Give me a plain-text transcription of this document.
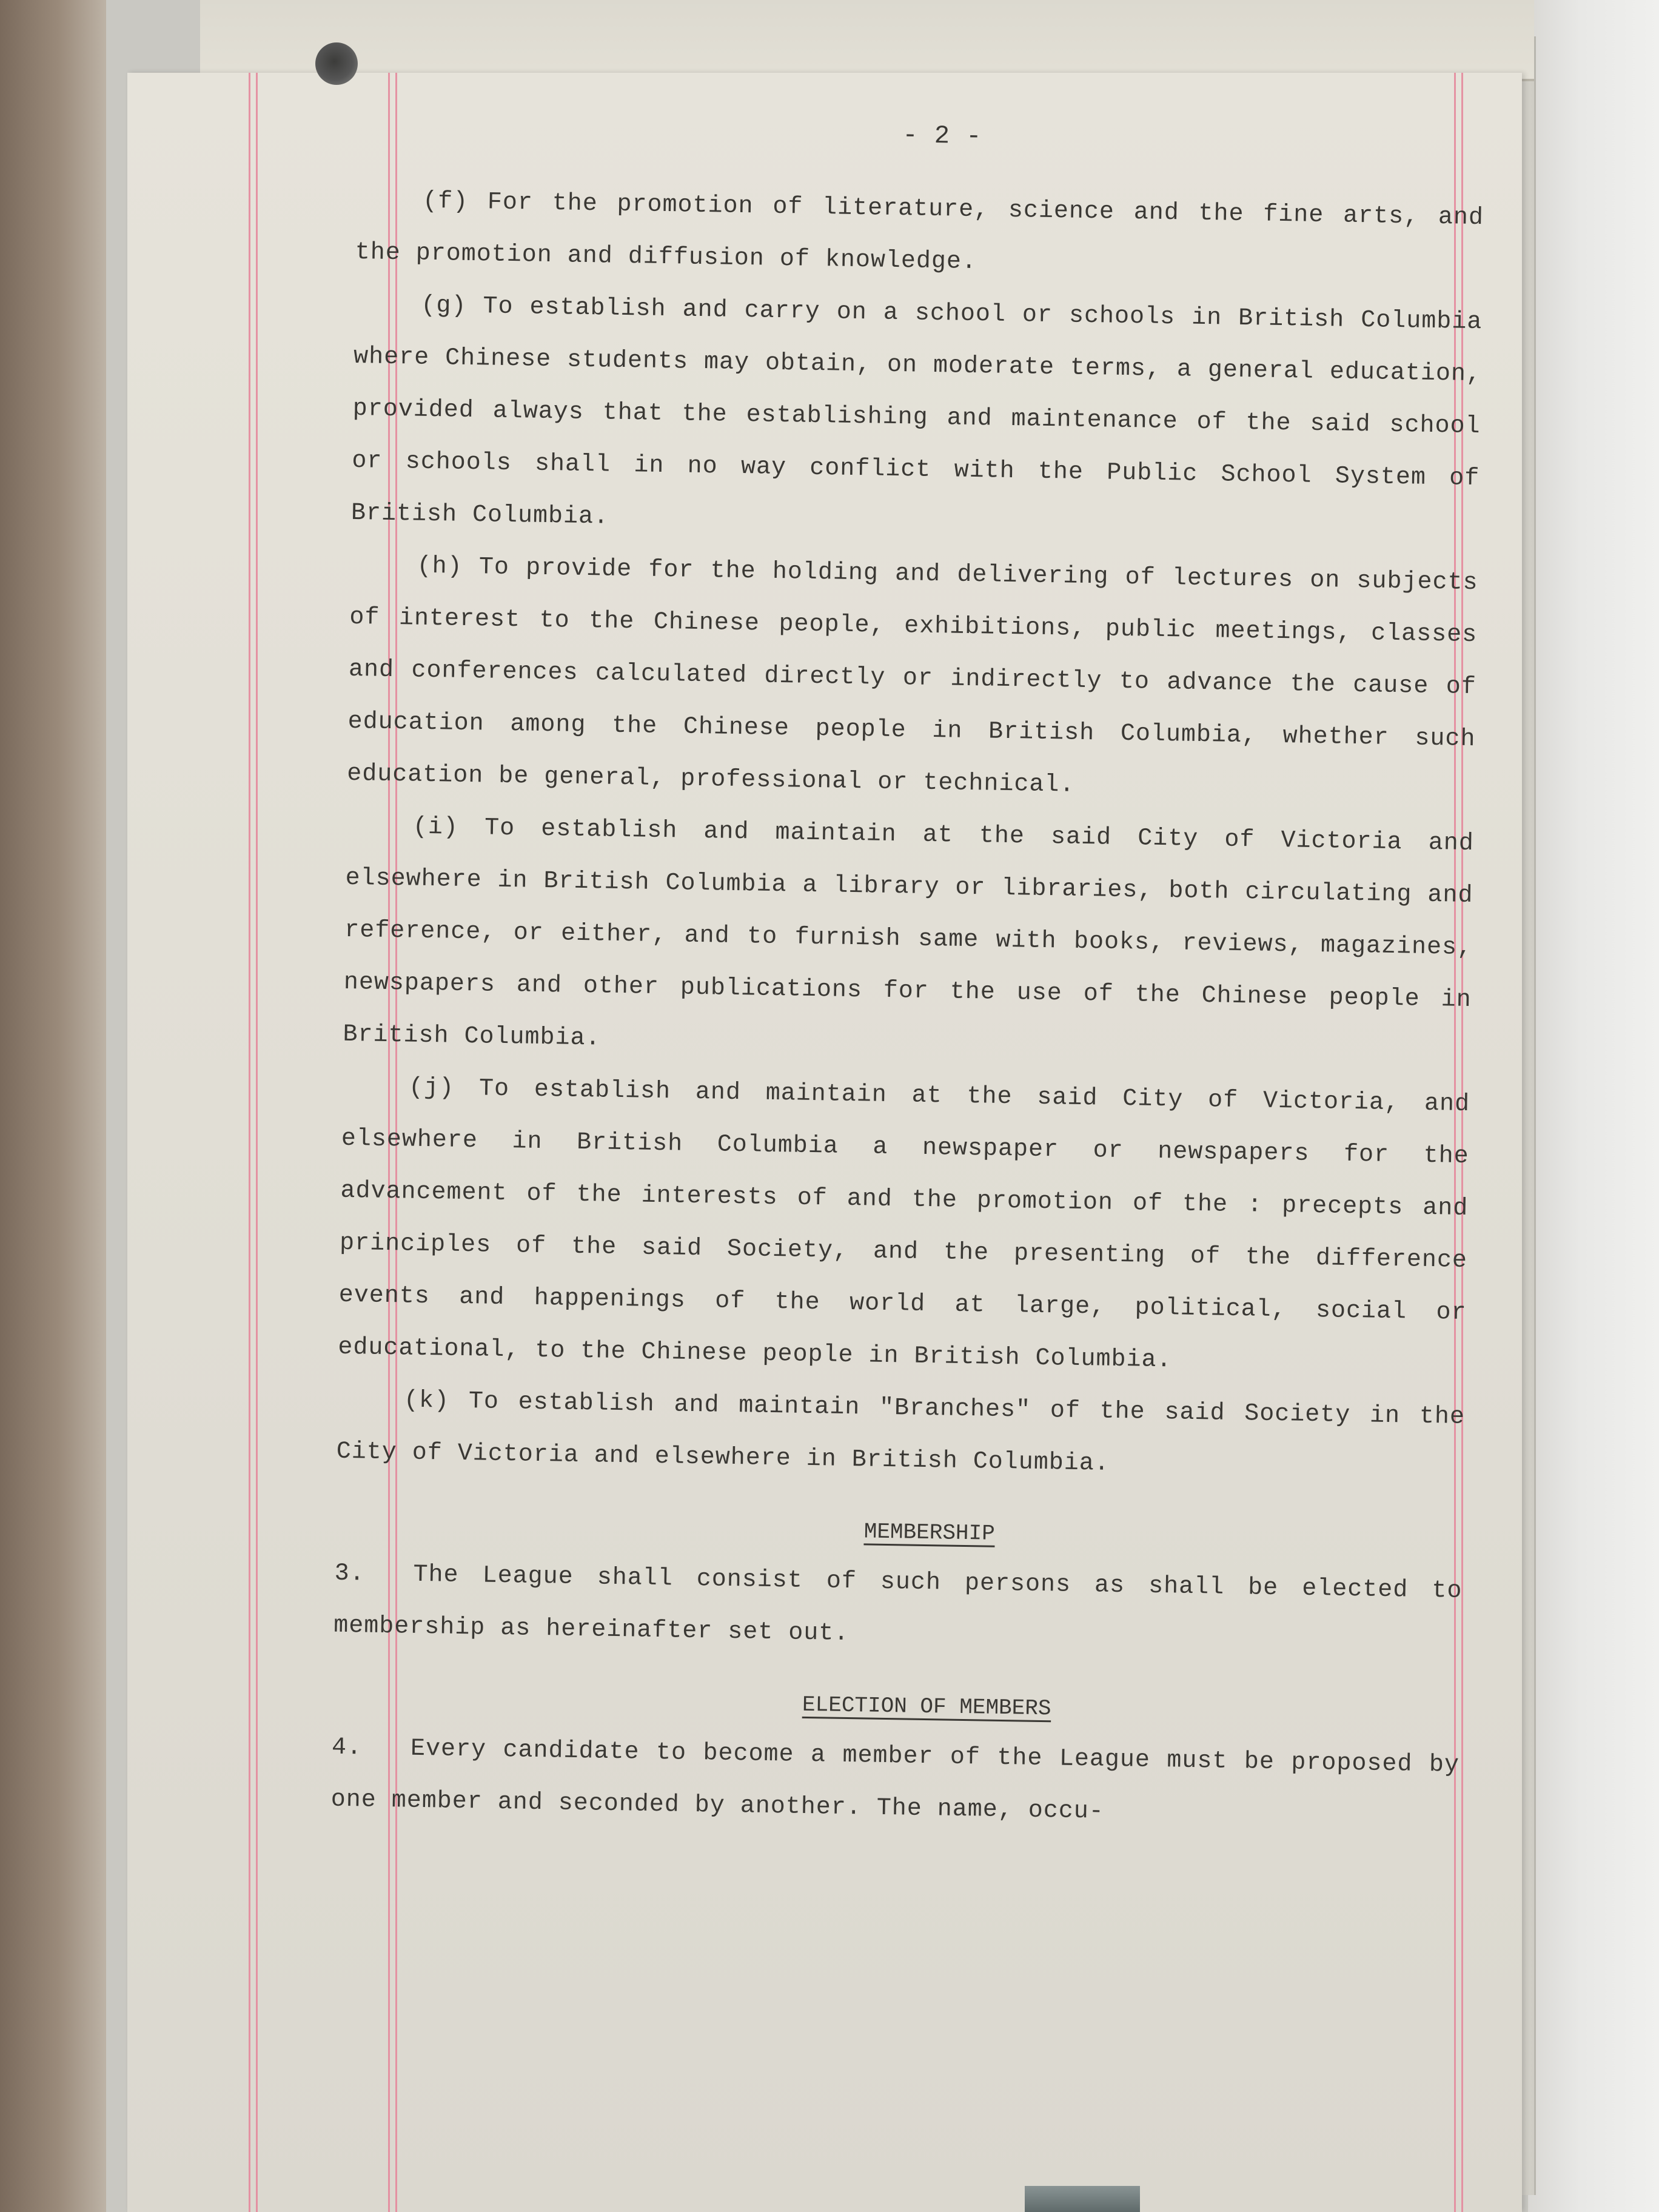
- 2 -

(f) For the promotion of literature, science and the fine arts, and the promotion and diffusion of knowledge.

(g) To establish and carry on a school or schools in British Columbia where Chinese students may obtain, on moderate terms, a general education, provided always that the establishing and maintenance of the said school or schools shall in no way conflict with the Public School System of British Columbia.

(h) To provide for the holding and delivering of lectures on subjects of interest to the Chinese people, exhibitions, public meetings, classes and conferences calculated directly or indirectly to advance the cause of education among the Chinese people in British Columbia, whether such education be general, professional or technical.

(i) To establish and maintain at the said City of Victoria and elsewhere in British Columbia a library or libraries, both circulating and reference, or either, and to furnish same with books, reviews, magazines, newspapers and other publications for the use of the Chinese people in British Columbia.

(j) To establish and maintain at the said City of Victoria, and elsewhere in British Columbia a newspaper or newspapers for the advancement of the interests of and the promotion of the : precepts and principles of the said Society, and the presenting of the difference events and happenings of the world at large, political, social or educational, to the Chinese people in British Columbia.

(k) To establish and maintain "Branches" of the said Society in the City of Victoria and elsewhere in British Columbia.

MEMBERSHIP

3. The League shall consist of such persons as shall be elected to membership as hereinafter set out.

ELECTION OF MEMBERS

4. Every candidate to become a member of the League must be proposed by one member and seconded by another. The name, occu-
